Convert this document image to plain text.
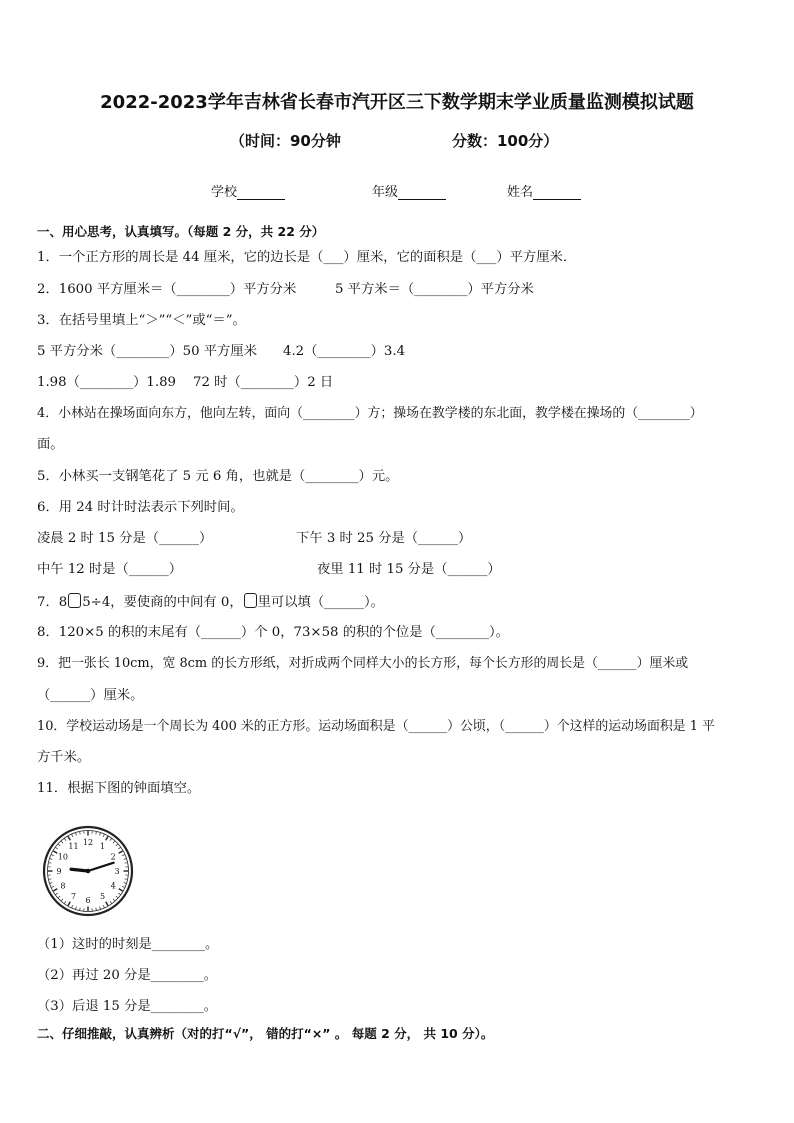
2022-2023学年吉林省长春市汽开区三下数学期末学业质量监测模拟试题
（时间：90分钟	分数：100分）
学校	年级	姓名
一、用心思考，认真填写。（每题 2 分，共 22 分）
1．一个正方形的周长是 44 厘米，它的边长是（___）厘米，它的面积是（___）平方厘米．
2．1600 平方厘米＝（________）平方分米	5 平方米＝（________）平方分米
3．在括号里填上“＞”“＜”或“＝”。
5 平方分米（________）50 平方厘米 4.2（________）3.4
1.98（________）1.89 72 时（________）2 日
4．小林站在操场面向东方，他向左转，面向（________）方；操场在教学楼的东北面，教学楼在操场的（________）
面。
5．小林买一支钢笔花了 5 元 6 角，也就是（________）元。
6．用 24 时计时法表示下列时间。
凌晨 2 时 15 分是（______）	下午 3 时 25 分是（______）
中午 12 时是（______）	夜里 11 时 15 分是（______）
7．8 5÷4，要使商的中间有 0， 里可以填（______）。
8．120×5 的积的末尾有（______）个 0，73×58 的积的个位是（________）。
9．把一张长 10cm，宽 8cm 的长方形纸，对折成两个同样大小的长方形，每个长方形的周长是（______）厘米或
（______）厘米。
10．学校运动场是一个周长为 400 米的正方形。运动场面积是（______）公顷，（______）个这样的运动场面积是 1 平
方千米。
11．根据下图的钟面填空。
12 1
2
3
4
5
6
7
8
9
10
11
（1）这时的时刻是________。
（2）再过 20 分是________。
（3）后退 15 分是________。
二、仔细推敲，认真辨析（对的打“√”， 错的打“×” 。 每题 2 分， 共 10 分）。
